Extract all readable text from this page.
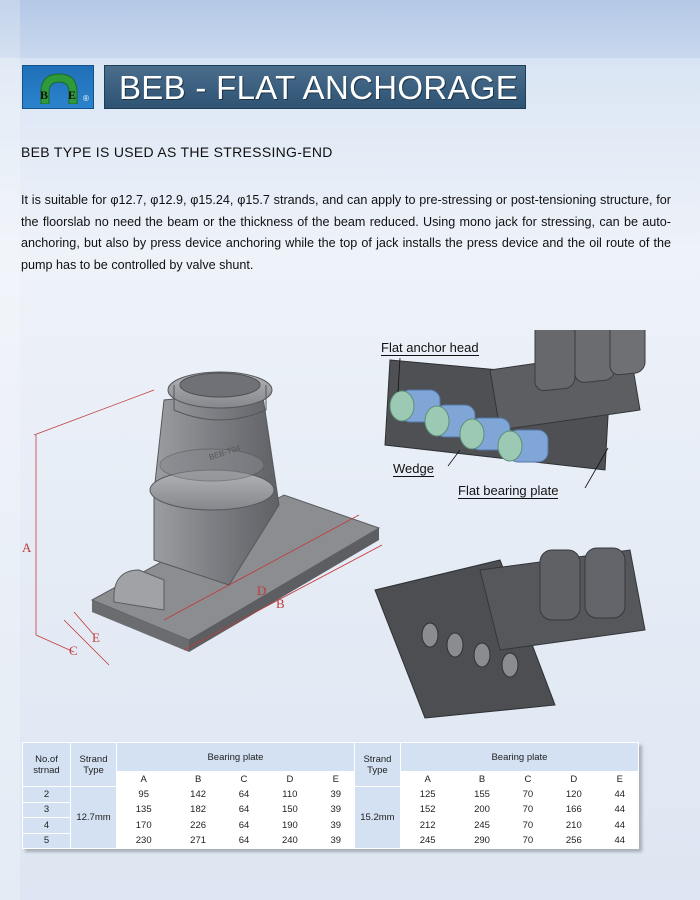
B E ® BEB - FLAT ANCHORAGE
BEB TYPE IS USED AS THE STRESSING-END

It is suitable for φ12.7, φ12.9, φ15.24, φ15.7 strands, and can apply to pre-stressing or post-tensioning structure, for the floorslab no need the beam or the thickness of the beam reduced. Using mono jack for stressing, can be auto-anchoring, but also by press device anchoring while the top of jack installs the press device and the oil route of the pump has to be controlled by valve shunt.

BEB-T04
A
B
C
D
E
Flat anchor head
Wedge
Flat bearing plate
No.of strnad	Strand Type	Bearing plate					Strand Type	Bearing plate				
		A	B	C	D	E		A	B	C	D	E
2	12.7mm	95	142	64	110	39	15.2mm	125	155	70	120	44
3		135	182	64	150	39		152	200	70	166	44
4		170	226	64	190	39		212	245	70	210	44
5		230	271	64	240	39		245	290	70	256	44
